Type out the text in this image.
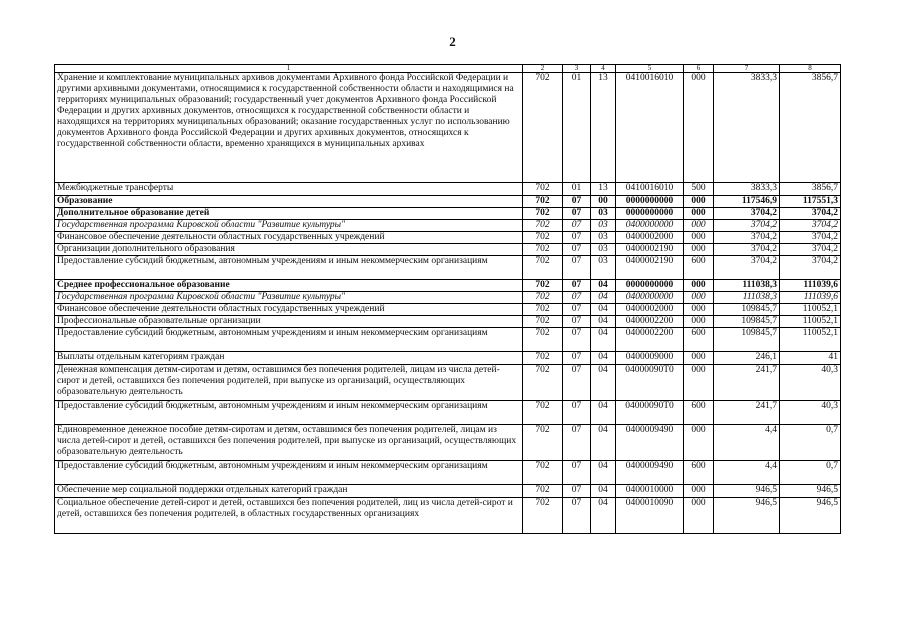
2
1	2	3	4	5	6	7	8
Хранение и комплектование муниципальных архивов документами Архивного фонда Российской Федерации и другими архивными документами, относящимися к государственной собственности области и находящимися на территориях муниципальных образований; государственный учет документов Архивного фонда Российской Федерации и других архивных документов, относящихся к государственной собственности области и находящихся на территориях муниципальных образований; оказание государственных услуг по использованию документов Архивного фонда Российской Федерации и других архивных документов, относящихся к государственной собственности области, временно хранящихся в муниципальных архивах	702	01	13	0410016010	000	3833,3	3856,7
Межбюджетные трансферты	702	01	13	0410016010	500	3833,3	3856,7
Образование	702	07	00	0000000000	000	117546,9	117551,3
Дополнительное образование детей	702	07	03	0000000000	000	3704,2	3704,2
Государственная программа Кировской области "Развитие культуры"	702	07	03	0400000000	000	3704,2	3704,2
Финансовое обеспечение деятельности областных государственных учреждений	702	07	03	0400002000	000	3704,2	3704,2
Организации дополнительного образования	702	07	03	0400002190	000	3704,2	3704,2
Предоставление субсидий бюджетным, автономным учреждениям и иным некоммерческим организациям	702	07	03	0400002190	600	3704,2	3704,2
Среднее профессиональное образование	702	07	04	0000000000	000	111038,3	111039,6
Государственная программа Кировской области "Развитие культуры"	702	07	04	0400000000	000	111038,3	111039,6
Финансовое обеспечение деятельности областных государственных учреждений	702	07	04	0400002000	000	109845,7	110052,1
Профессиональные образовательные организации	702	07	04	0400002200	000	109845,7	110052,1
Предоставление субсидий бюджетным, автономным учреждениям и иным некоммерческим организациям	702	07	04	0400002200	600	109845,7	110052,1
Выплаты отдельным категориям граждан	702	07	04	0400009000	000	246,1	41
Денежная компенсация детям-сиротам и детям, оставшимся без попечения родителей, лицам из числа детей-сирот и детей, оставшихся без попечения родителей, при выпуске из организаций, осуществляющих образовательную деятельность	702	07	04	04000090Т0	000	241,7	40,3
Предоставление субсидий бюджетным, автономным учреждениям и иным некоммерческим организациям	702	07	04	04000090Т0	600	241,7	40,3
Единовременное денежное пособие детям-сиротам и детям, оставшимся без попечения родителей, лицам из числа детей-сирот и детей, оставшихся без попечения родителей, при выпуске из организаций, осуществляющих образовательную деятельность	702	07	04	0400009490	000	4,4	0,7
Предоставление субсидий бюджетным, автономным учреждениям и иным некоммерческим организациям	702	07	04	0400009490	600	4,4	0,7
Обеспечение мер социальной поддержки отдельных категорий граждан	702	07	04	0400010000	000	946,5	946,5
Социальное обеспечение детей-сирот и детей, оставшихся без попечения родителей, лиц из числа детей-сирот и детей, оставшихся без попечения родителей, в областных государственных организациях	702	07	04	0400010090	000	946,5	946,5
